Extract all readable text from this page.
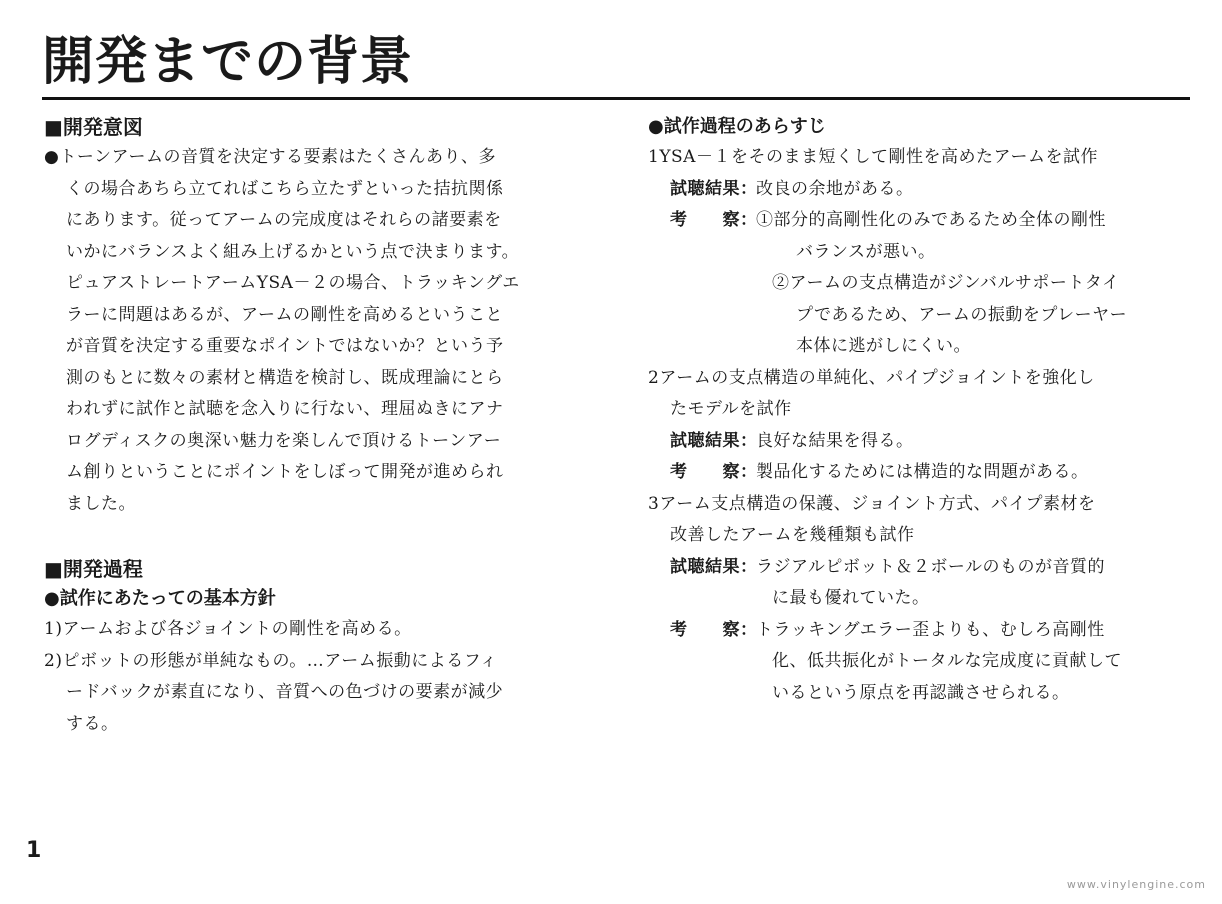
開発までの背景
■開発意図
●トーンアームの音質を決定する要素はたくさんあり、多
くの場合あちら立てればこちら立たずといった拮抗関係
にあります。従ってアームの完成度はそれらの諸要素を
いかにバランスよく組み上げるかという点で決まります。
ピュアストレートアームYSA－２の場合、トラッキングエ
ラーに問題はあるが、アームの剛性を高めるということ
が音質を決定する重要なポイントではないか？という予
測のもとに数々の素材と構造を検討し、既成理論にとら
われずに試作と試聴を念入りに行ない、理屈ぬきにアナ
ログディスクの奥深い魅力を楽しんで頂けるトーンアー
ム創りということにポイントをしぼって開発が進められ
ました。
■開発過程
●試作にあたっての基本方針
1)アームおよび各ジョイントの剛性を高める。
2)ピボットの形態が単純なもの。…アーム振動によるフィ
ードバックが素直になり、音質への色づけの要素が減少
する。
●試作過程のあらすじ
1YSA－１をそのまま短くして剛性を高めたアームを試作
試聴結果：改良の余地がある。
考　　察：①部分的高剛性化のみであるため全体の剛性
バランスが悪い。
②アームの支点構造がジンバルサポートタイ
プであるため、アームの振動をプレーヤー
本体に逃がしにくい。
2アームの支点構造の単純化、パイプジョイントを強化し
たモデルを試作
試聴結果：良好な結果を得る。
考　　察：製品化するためには構造的な問題がある。
3アーム支点構造の保護、ジョイント方式、パイプ素材を
改善したアームを幾種類も試作
試聴結果：ラジアルピボット＆２ボールのものが音質的
に最も優れていた。
考　　察：トラッキングエラー歪よりも、むしろ高剛性
化、低共振化がトータルな完成度に貢献して
いるという原点を再認識させられる。
1
www.vinylengine.com
